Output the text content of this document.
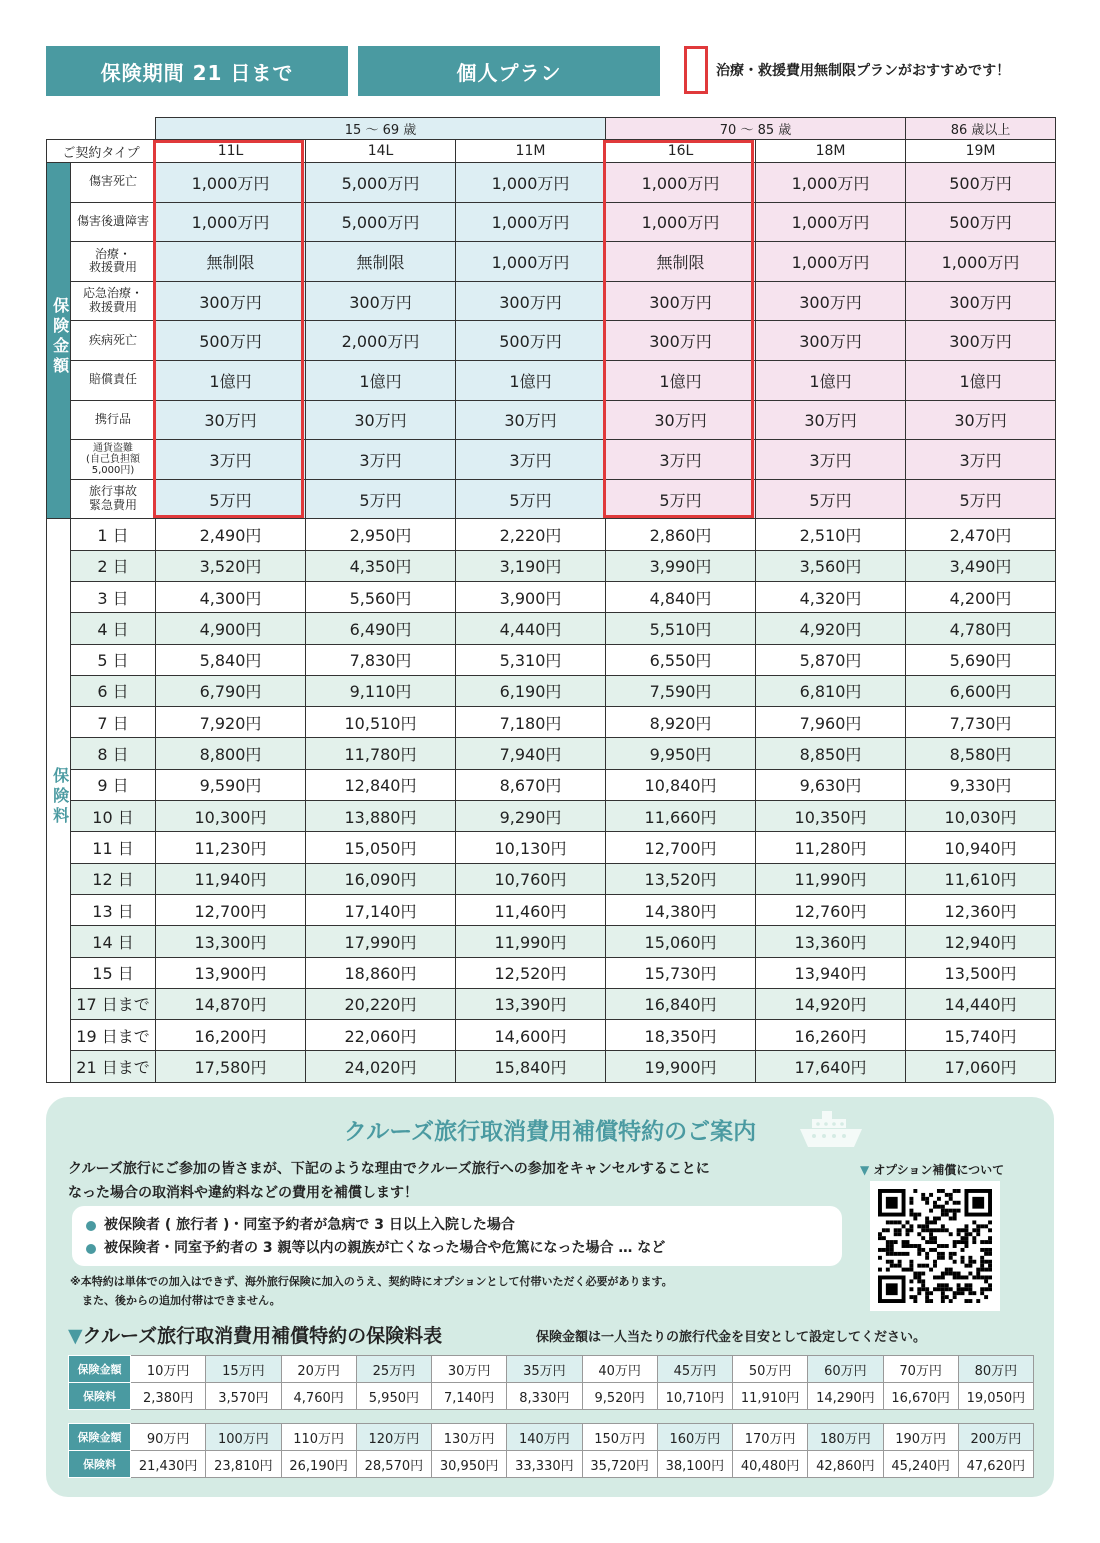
保険期間 21 日まで	個人プラン	治療・救援費用無制限プランがおすすめです！
		15 ～ 69 歳			70 ～ 85 歳		86 歳以上
ご契約タイプ		11L	14L	11M	16L	18M	19M
保険金額	傷害死亡	1,000万円	5,000万円	1,000万円	1,000万円	1,000万円	500万円
	傷害後遺障害	1,000万円	5,000万円	1,000万円	1,000万円	1,000万円	500万円
	治療・
救援費用	無制限	無制限	1,000万円	無制限	1,000万円	1,000万円
	応急治療・
救援費用	300万円	300万円	300万円	300万円	300万円	300万円
	疾病死亡	500万円	2,000万円	500万円	300万円	300万円	300万円
	賠償責任	1億円	1億円	1億円	1億円	1億円	1億円
	携行品	30万円	30万円	30万円	30万円	30万円	30万円
	通貨盗難
(自己負担額
5,000円)	3万円	3万円	3万円	3万円	3万円	3万円
	旅行事故
緊急費用	5万円	5万円	5万円	5万円	5万円	5万円
保険料	1 日	2,490円	2,950円	2,220円	2,860円	2,510円	2,470円
	2 日	3,520円	4,350円	3,190円	3,990円	3,560円	3,490円
	3 日	4,300円	5,560円	3,900円	4,840円	4,320円	4,200円
	4 日	4,900円	6,490円	4,440円	5,510円	4,920円	4,780円
	5 日	5,840円	7,830円	5,310円	6,550円	5,870円	5,690円
	6 日	6,790円	9,110円	6,190円	7,590円	6,810円	6,600円
	7 日	7,920円	10,510円	7,180円	8,920円	7,960円	7,730円
	8 日	8,800円	11,780円	7,940円	9,950円	8,850円	8,580円
	9 日	9,590円	12,840円	8,670円	10,840円	9,630円	9,330円
	10 日	10,300円	13,880円	9,290円	11,660円	10,350円	10,030円
	11 日	11,230円	15,050円	10,130円	12,700円	11,280円	10,940円
	12 日	11,940円	16,090円	10,760円	13,520円	11,990円	11,610円
	13 日	12,700円	17,140円	11,460円	14,380円	12,760円	12,360円
	14 日	13,300円	17,990円	11,990円	15,060円	13,360円	12,940円
	15 日	13,900円	18,860円	12,520円	15,730円	13,940円	13,500円
	17 日まで	14,870円	20,220円	13,390円	16,840円	14,920円	14,440円
	19 日まで	16,200円	22,060円	14,600円	18,350円	16,260円	15,740円
	21 日まで	17,580円	24,020円	15,840円	19,900円	17,640円	17,060円
クルーズ旅行取消費用補償特約のご案内
クルーズ旅行にご参加の皆さまが、下記のような理由でクルーズ旅行への参加をキャンセルすることに
なった場合の取消料や違約料などの費用を補償します！
被保険者 ( 旅行者 )・同室予約者が急病で 3 日以上入院した場合
被保険者・同室予約者の 3 親等以内の親族が亡くなった場合や危篤になった場合 … など
※本特約は単体での加入はできず、海外旅行保険に加入のうえ、契約時にオプションとして付帯いただく必要があります。
また、後からの追加付帯はできません。
▼ オプション補償について
▼クルーズ旅行取消費用補償特約の保険料表	保険金額は一人当たりの旅行代金を目安として設定してください。
保険金額	10万円	15万円	20万円	25万円	30万円	35万円	40万円	45万円	50万円	60万円	70万円	80万円
保険料	2,380円	3,570円	4,760円	5,950円	7,140円	8,330円	9,520円	10,710円	11,910円	14,290円	16,670円	19,050円
保険金額	90万円	100万円	110万円	120万円	130万円	140万円	150万円	160万円	170万円	180万円	190万円	200万円
保険料	21,430円	23,810円	26,190円	28,570円	30,950円	33,330円	35,720円	38,100円	40,480円	42,860円	45,240円	47,620円
